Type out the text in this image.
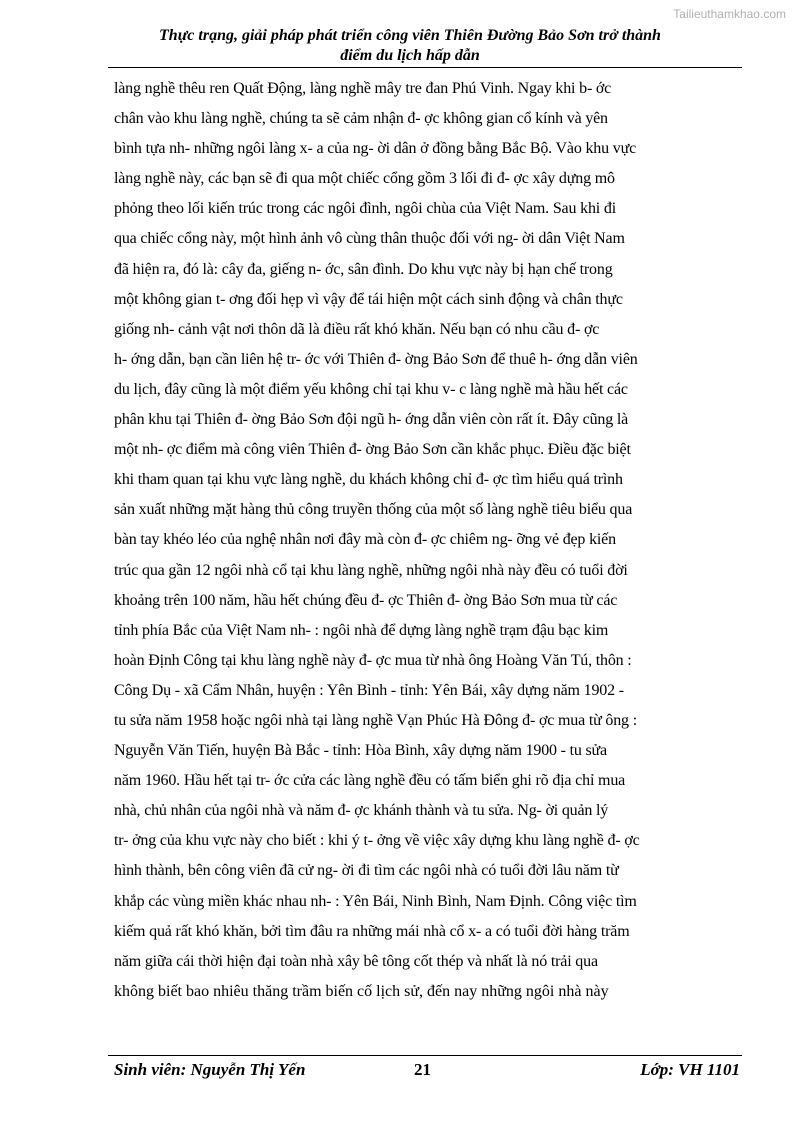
Tailieuthamkhao.com
Thực trạng, giải pháp phát triển công viên Thiên Đường Bảo Sơn trở thành
điểm du lịch hấp dẫn
làng nghề thêu ren Quất Động, làng nghề mây tre đan Phú Vinh. Ngay khi b- ớc
chân vào khu làng nghề, chúng ta sẽ cảm nhận đ- ợc không gian cổ kính và yên
bình tựa nh- những ngôi làng x- a của ng- ời dân ở đồng bằng Bắc Bộ. Vào khu vực
làng nghề này, các bạn sẽ đi qua một chiếc cổng gồm 3 lối đi đ- ợc xây dựng mô
phỏng theo lối kiến trúc trong các ngôi đình, ngôi chùa của Việt Nam. Sau khi đi
qua chiếc cổng này, một hình ảnh vô cùng thân thuộc đối với ng- ời dân Việt Nam
đã hiện ra, đó là: cây đa, giếng n- ớc, sân đình. Do khu vực này bị hạn chế trong
một không gian t- ơng đối hẹp vì vậy để tái hiện một cách sinh động và chân thực
giống nh- cảnh vật nơi thôn dã là điều rất khó khăn. Nếu bạn có nhu cầu đ- ợc
h- ớng dẫn, bạn cần liên hệ tr- ớc với Thiên đ- ờng Bảo Sơn để thuê h- ớng dẫn viên
du lịch, đây cũng là một điểm yếu không chỉ tại khu v- c làng nghề mà hầu hết các
phân khu tại Thiên đ- ờng Bảo Sơn đội ngũ h- ớng dẫn viên còn rất ít. Đây cũng là
một nh- ợc điểm mà công viên Thiên đ- ờng Bảo Sơn cần khắc phục. Điều đặc biệt
khi tham quan tại khu vực làng nghề, du khách không chỉ đ- ợc tìm hiểu quá trình
sản xuất những mặt hàng thủ công truyền thống của một số làng nghề tiêu biểu qua
bàn tay khéo léo của nghệ nhân nơi đây mà còn đ- ợc chiêm ng- ỡng vẻ đẹp kiến
trúc qua gần 12 ngôi nhà cổ tại khu làng nghề, những ngôi nhà này đều có tuổi đời
khoảng trên 100 năm, hầu hết chúng đều đ- ợc Thiên đ- ờng Bảo Sơn mua từ các
tỉnh phía Bắc của Việt Nam nh- : ngôi nhà để dựng làng nghề trạm đậu bạc kim
hoàn Định Công tại khu làng nghề này đ- ợc mua từ nhà ông Hoàng Văn Tú, thôn :
Công Dụ - xã Cẩm Nhân, huyện : Yên Bình - tỉnh: Yên Bái, xây dựng năm 1902 -
tu sửa năm 1958 hoặc ngôi nhà tại làng nghề Vạn Phúc Hà Đông đ- ợc mua từ ông :
Nguyễn Văn Tiến, huyện Bà Bắc - tỉnh: Hòa Bình, xây dựng năm 1900 - tu sửa
năm 1960. Hầu hết tại tr- ớc cửa các làng nghề đều có tấm biển ghi rõ địa chỉ mua
nhà, chủ nhân của ngôi nhà và năm đ- ợc khánh thành và tu sửa. Ng- ời quản lý
tr- ởng của khu vực này cho biết : khi ý t- ởng về việc xây dựng khu làng nghề đ- ợc
hình thành, bên công viên đã cử ng- ời đi tìm các ngôi nhà có tuổi đời lâu năm từ
khắp các vùng miền khác nhau nh- : Yên Bái, Ninh Bình, Nam Định. Công việc tìm
kiếm quả rất khó khăn, bởi tìm đâu ra những mái nhà cổ x- a có tuổi đời hàng trăm
năm giữa cái thời hiện đại toàn nhà xây bê tông cốt thép và nhất là nó trải qua
không biết bao nhiêu thăng trầm biến cố lịch sử, đến nay những ngôi nhà này
Sinh viên: Nguyễn Thị Yến	21	Lớp: VH 1101
